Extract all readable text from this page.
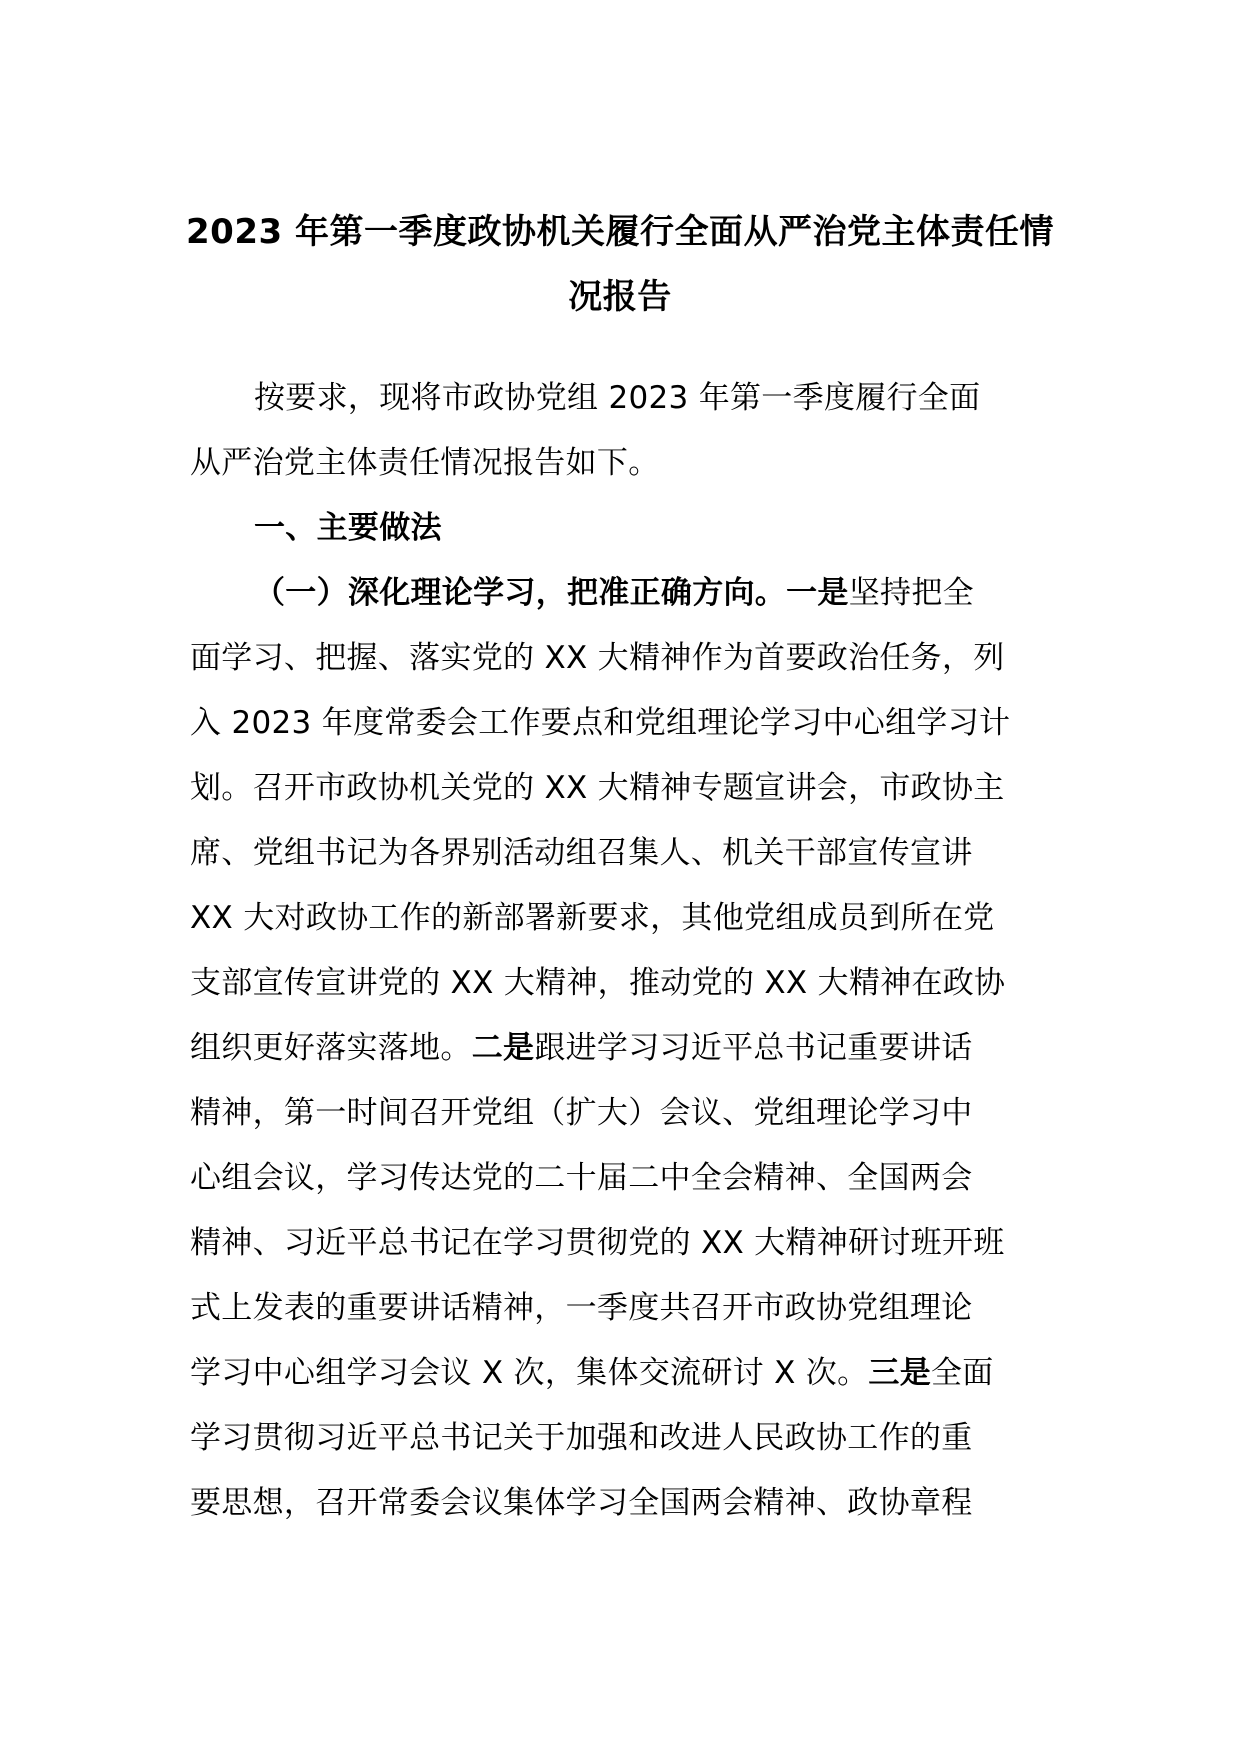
2023 年第一季度政协机关履行全面从严治党主体责任情
况报告
按要求，现将市政协党组 2023 年第一季度履行全面
从严治党主体责任情况报告如下。
一、主要做法
（一）深化理论学习，把准正确方向。一是坚持把全
面学习、把握、落实党的 XX 大精神作为首要政治任务，列
入 2023 年度常委会工作要点和党组理论学习中心组学习计
划。召开市政协机关党的 XX 大精神专题宣讲会，市政协主
席、党组书记为各界别活动组召集人、机关干部宣传宣讲
XX 大对政协工作的新部署新要求，其他党组成员到所在党
支部宣传宣讲党的 XX 大精神，推动党的 XX 大精神在政协
组织更好落实落地。二是跟进学习习近平总书记重要讲话
精神，第一时间召开党组（扩大）会议、党组理论学习中
心组会议，学习传达党的二十届二中全会精神、全国两会
精神、习近平总书记在学习贯彻党的 XX 大精神研讨班开班
式上发表的重要讲话精神，一季度共召开市政协党组理论
学习中心组学习会议 X 次，集体交流研讨 X 次。三是全面
学习贯彻习近平总书记关于加强和改进人民政协工作的重
要思想，召开常委会议集体学习全国两会精神、政协章程
